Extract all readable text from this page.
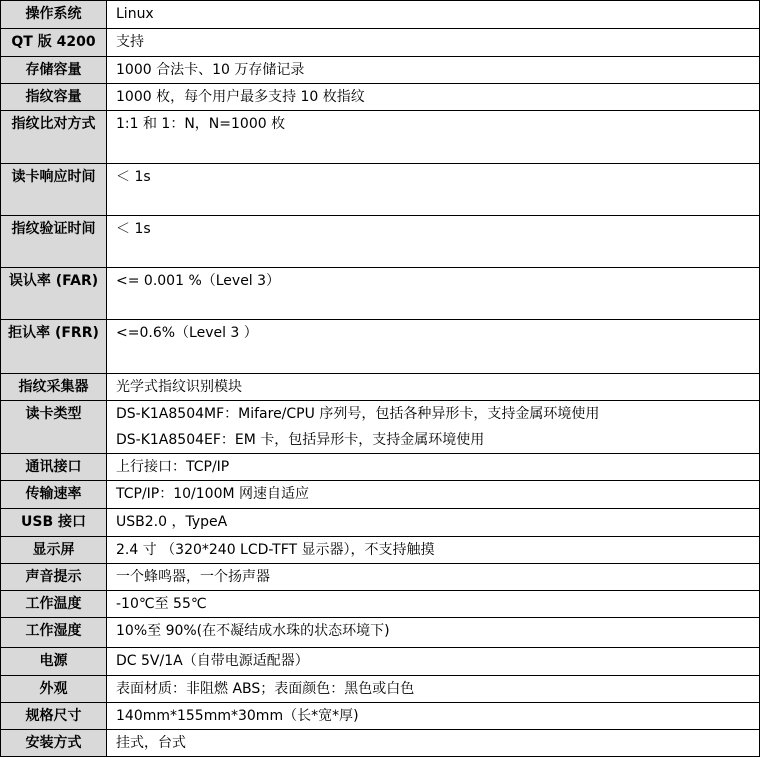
操作系统	Linux

QT 版 4200	支持

存储容量	1000 合法卡、10 万存储记录

指纹容量	1000 枚，每个用户最多支持 10 枚指纹

指纹比对方式	1:1 和 1：N，N=1000 枚

读卡响应时间	＜ 1s

指纹验证时间	＜ 1s

误认率 (FAR)	<= 0.001 %（Level 3）

拒认率 (FRR)	<=0.6%（Level 3 ）

指纹采集器	光学式指纹识别模块

读卡类型	DS-K1A8504MF：Mifare/CPU 序列号，包括各种异形卡，支持金属环境使用
DS-K1A8504EF：EM 卡，包括异形卡，支持金属环境使用

通讯接口	上行接口：TCP/IP

传输速率	TCP/IP：10/100M 网速自适应

USB 接口	USB2.0 ，TypeA

显示屏	2.4 寸 （320*240 LCD-TFT 显示器），不支持触摸

声音提示	一个蜂鸣器，一个扬声器

工作温度	-10℃至 55℃

工作湿度	10%至 90%(在不凝结成水珠的状态环境下)

电源	DC 5V/1A（自带电源适配器）

外观	表面材质：非阻燃 ABS；表面颜色：黑色或白色

规格尺寸	140mm*155mm*30mm（长*宽*厚)

安装方式	挂式，台式
